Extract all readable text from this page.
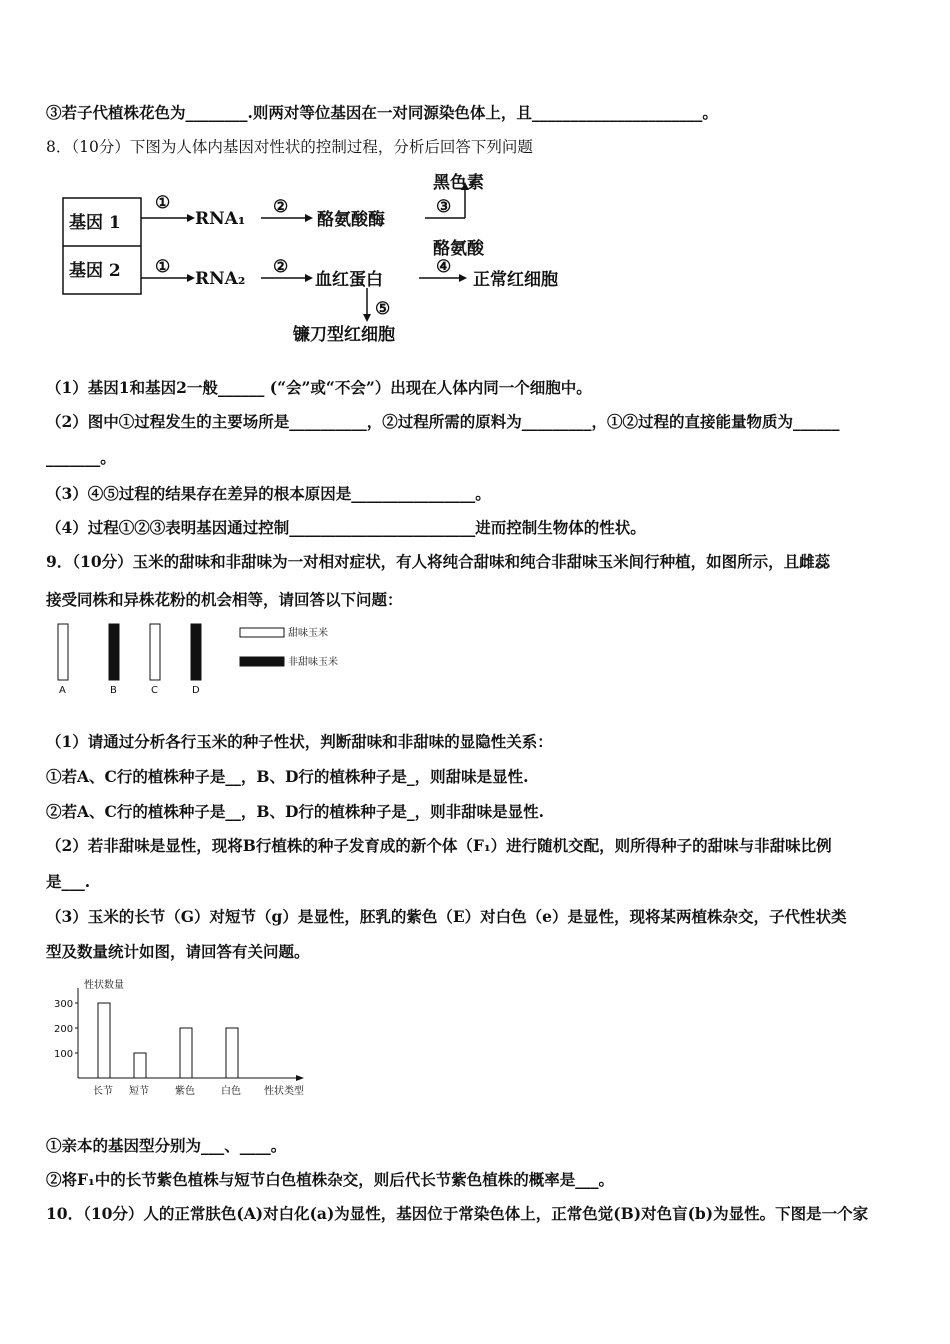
③若子代植株花色为________.则两对等位基因在一对同源染色体上，且______________________。
8．（10分）下图为人体内基因对性状的控制过程，分析后回答下列问题
基因 1
基因 2
①
RNA₁
②
酪氨酸酶
③
黑色素
酪氨酸
①
RNA₂
②
血红蛋白
④
正常红细胞
⑤
镰刀型红细胞
（1）基因1和基因2一般______ (“会”或“不会”）出现在人体内同一个细胞中。
（2）图中①过程发生的主要场所是__________，②过程所需的原料为_________，①②过程的直接能量物质为______
_______。
（3）④⑤过程的结果存在差异的根本原因是________________。
（4）过程①②③表明基因通过控制________________________进而控制生物体的性状。
9．（10分）玉米的甜味和非甜味为一对相对症状，有人将纯合甜味和纯合非甜味玉米间行种植，如图所示，且雌蕊
接受同株和异株花粉的机会相等，请回答以下问题：
A	B	C	D
甜味玉米
非甜味玉米
（1）请通过分析各行玉米的种子性状，判断甜味和非甜味的显隐性关系：
①若A、C行的植株种子是__，B、D行的植株种子是_，则甜味是显性.
②若A、C行的植株种子是__，B、D行的植株种子是_，则非甜味是显性.
（2）若非甜味是显性，现将B行植株的种子发育成的新个体（F₁）进行随机交配，则所得种子的甜味与非甜味比例
是___.
（3）玉米的长节（G）对短节（g）是显性，胚乳的紫色（E）对白色（e）是显性，现将某两植株杂交，子代性状类
型及数量统计如图，请回答有关问题。
性状数量
性状类型
100
200
300
长节 短节	紫色	白色
①亲本的基因型分别为___、____。
②将F₁中的长节紫色植株与短节白色植株杂交，则后代长节紫色植株的概率是___。
10．（10分）人的正常肤色(A)对白化(a)为显性，基因位于常染色体上，正常色觉(B)对色盲(b)为显性。下图是一个家
